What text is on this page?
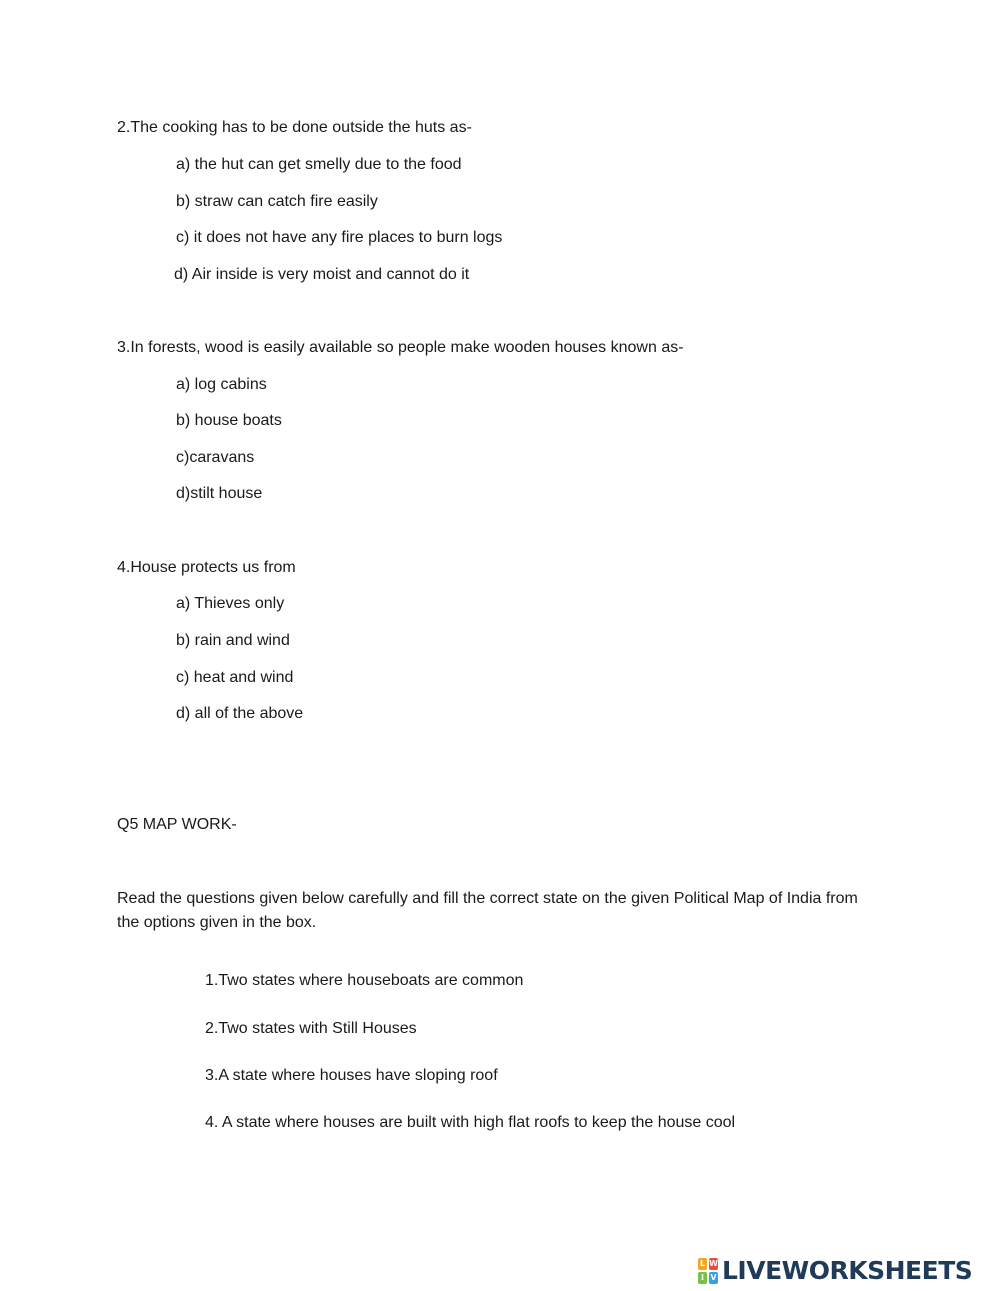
2.The cooking has to be done outside the huts as-
a) the hut can get smelly due to the food
b) straw can catch fire easily
c) it does not have any fire places to burn logs
d) Air inside is very moist and cannot do it
3.In forests, wood is easily available so people make wooden houses known as-
a) log cabins
b) house boats
c)caravans
d)stilt house
4.House protects us from
a) Thieves only
b) rain and wind
c) heat and wind
d) all of the above
Q5 MAP WORK-
Read the questions given below carefully and fill the correct state on the given Political Map of India from the options given in the box.
1.Two states where houseboats are common
2.Two states with Still Houses
3.A state where houses have sloping roof
4. A state where houses are built with high flat roofs to keep the house cool
L W
I V LIVEWORKSHEETS
